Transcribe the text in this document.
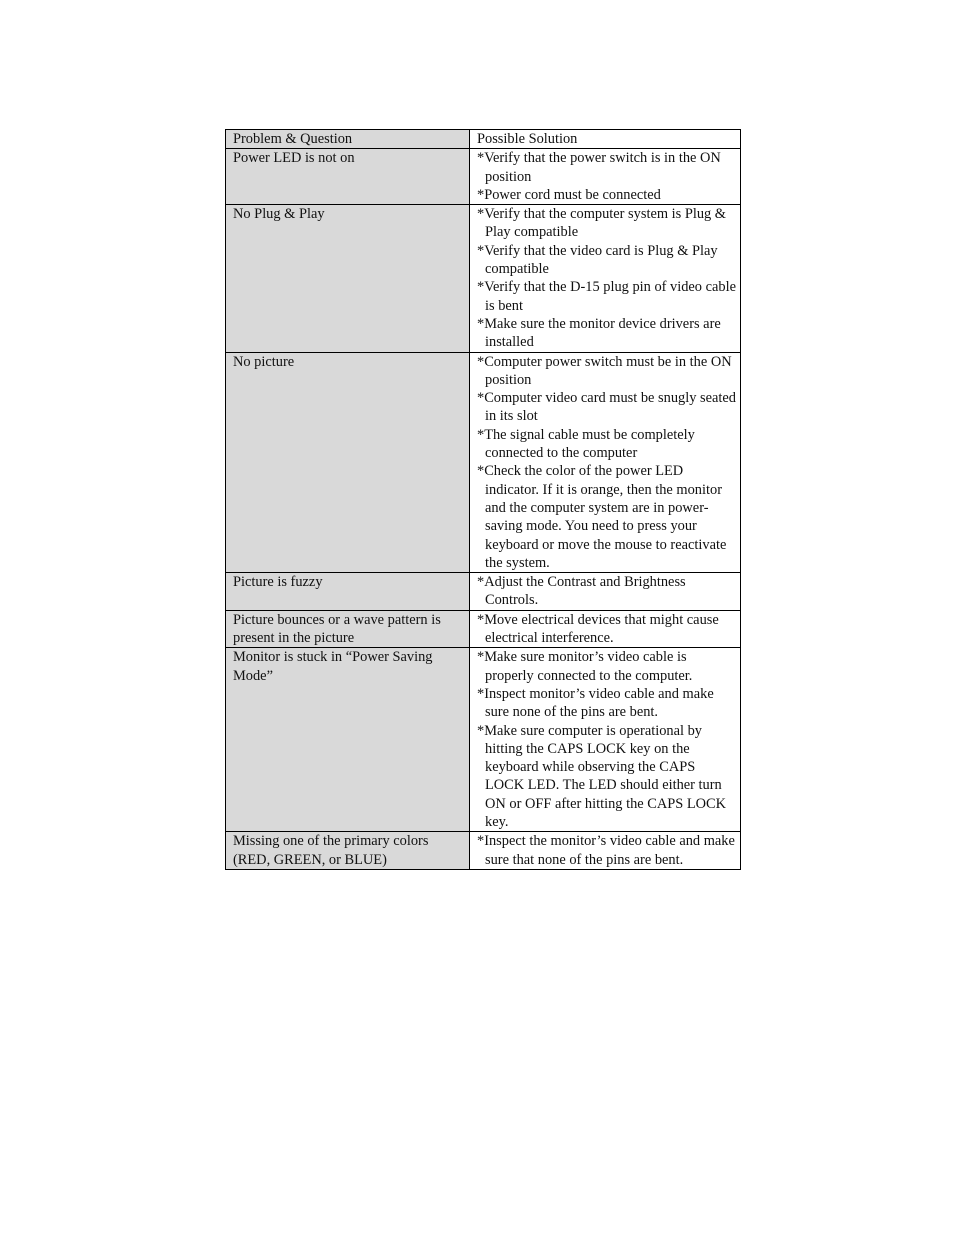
Problem & Question	Possible Solution
Power LED is not on	*Verify that the power switch is in the ON position
*Power cord must be connected

No Plug & Play	*Verify that the computer system is Plug & Play compatible
*Verify that the video card is Plug & Play compatible
*Verify that the D-15 plug pin of video cable is bent
*Make sure the monitor device drivers are installed

No picture	*Computer power switch must be in the ON position
*Computer video card must be snugly seated in its slot
*The signal cable must be completely connected to the computer
*Check the color of the power LED indicator. If it is orange, then the monitor and the computer system are in power-saving mode. You need to press your keyboard or move the mouse to reactivate the system.

Picture is fuzzy	*Adjust the Contrast and Brightness Controls.

Picture bounces or a wave pattern is present in the picture	*Move electrical devices that might cause electrical interference.

Monitor is stuck in “Power Saving Mode”	*Make sure monitor’s video cable is properly connected to the computer.
*Inspect monitor’s video cable and make sure none of the pins are bent.
*Make sure computer is operational by hitting the CAPS LOCK key on the keyboard while observing the CAPS LOCK LED. The LED should either turn ON or OFF after hitting the CAPS LOCK key.

Missing one of the primary colors (RED, GREEN, or BLUE)	*Inspect the monitor’s video cable and make sure that none of the pins are bent.
